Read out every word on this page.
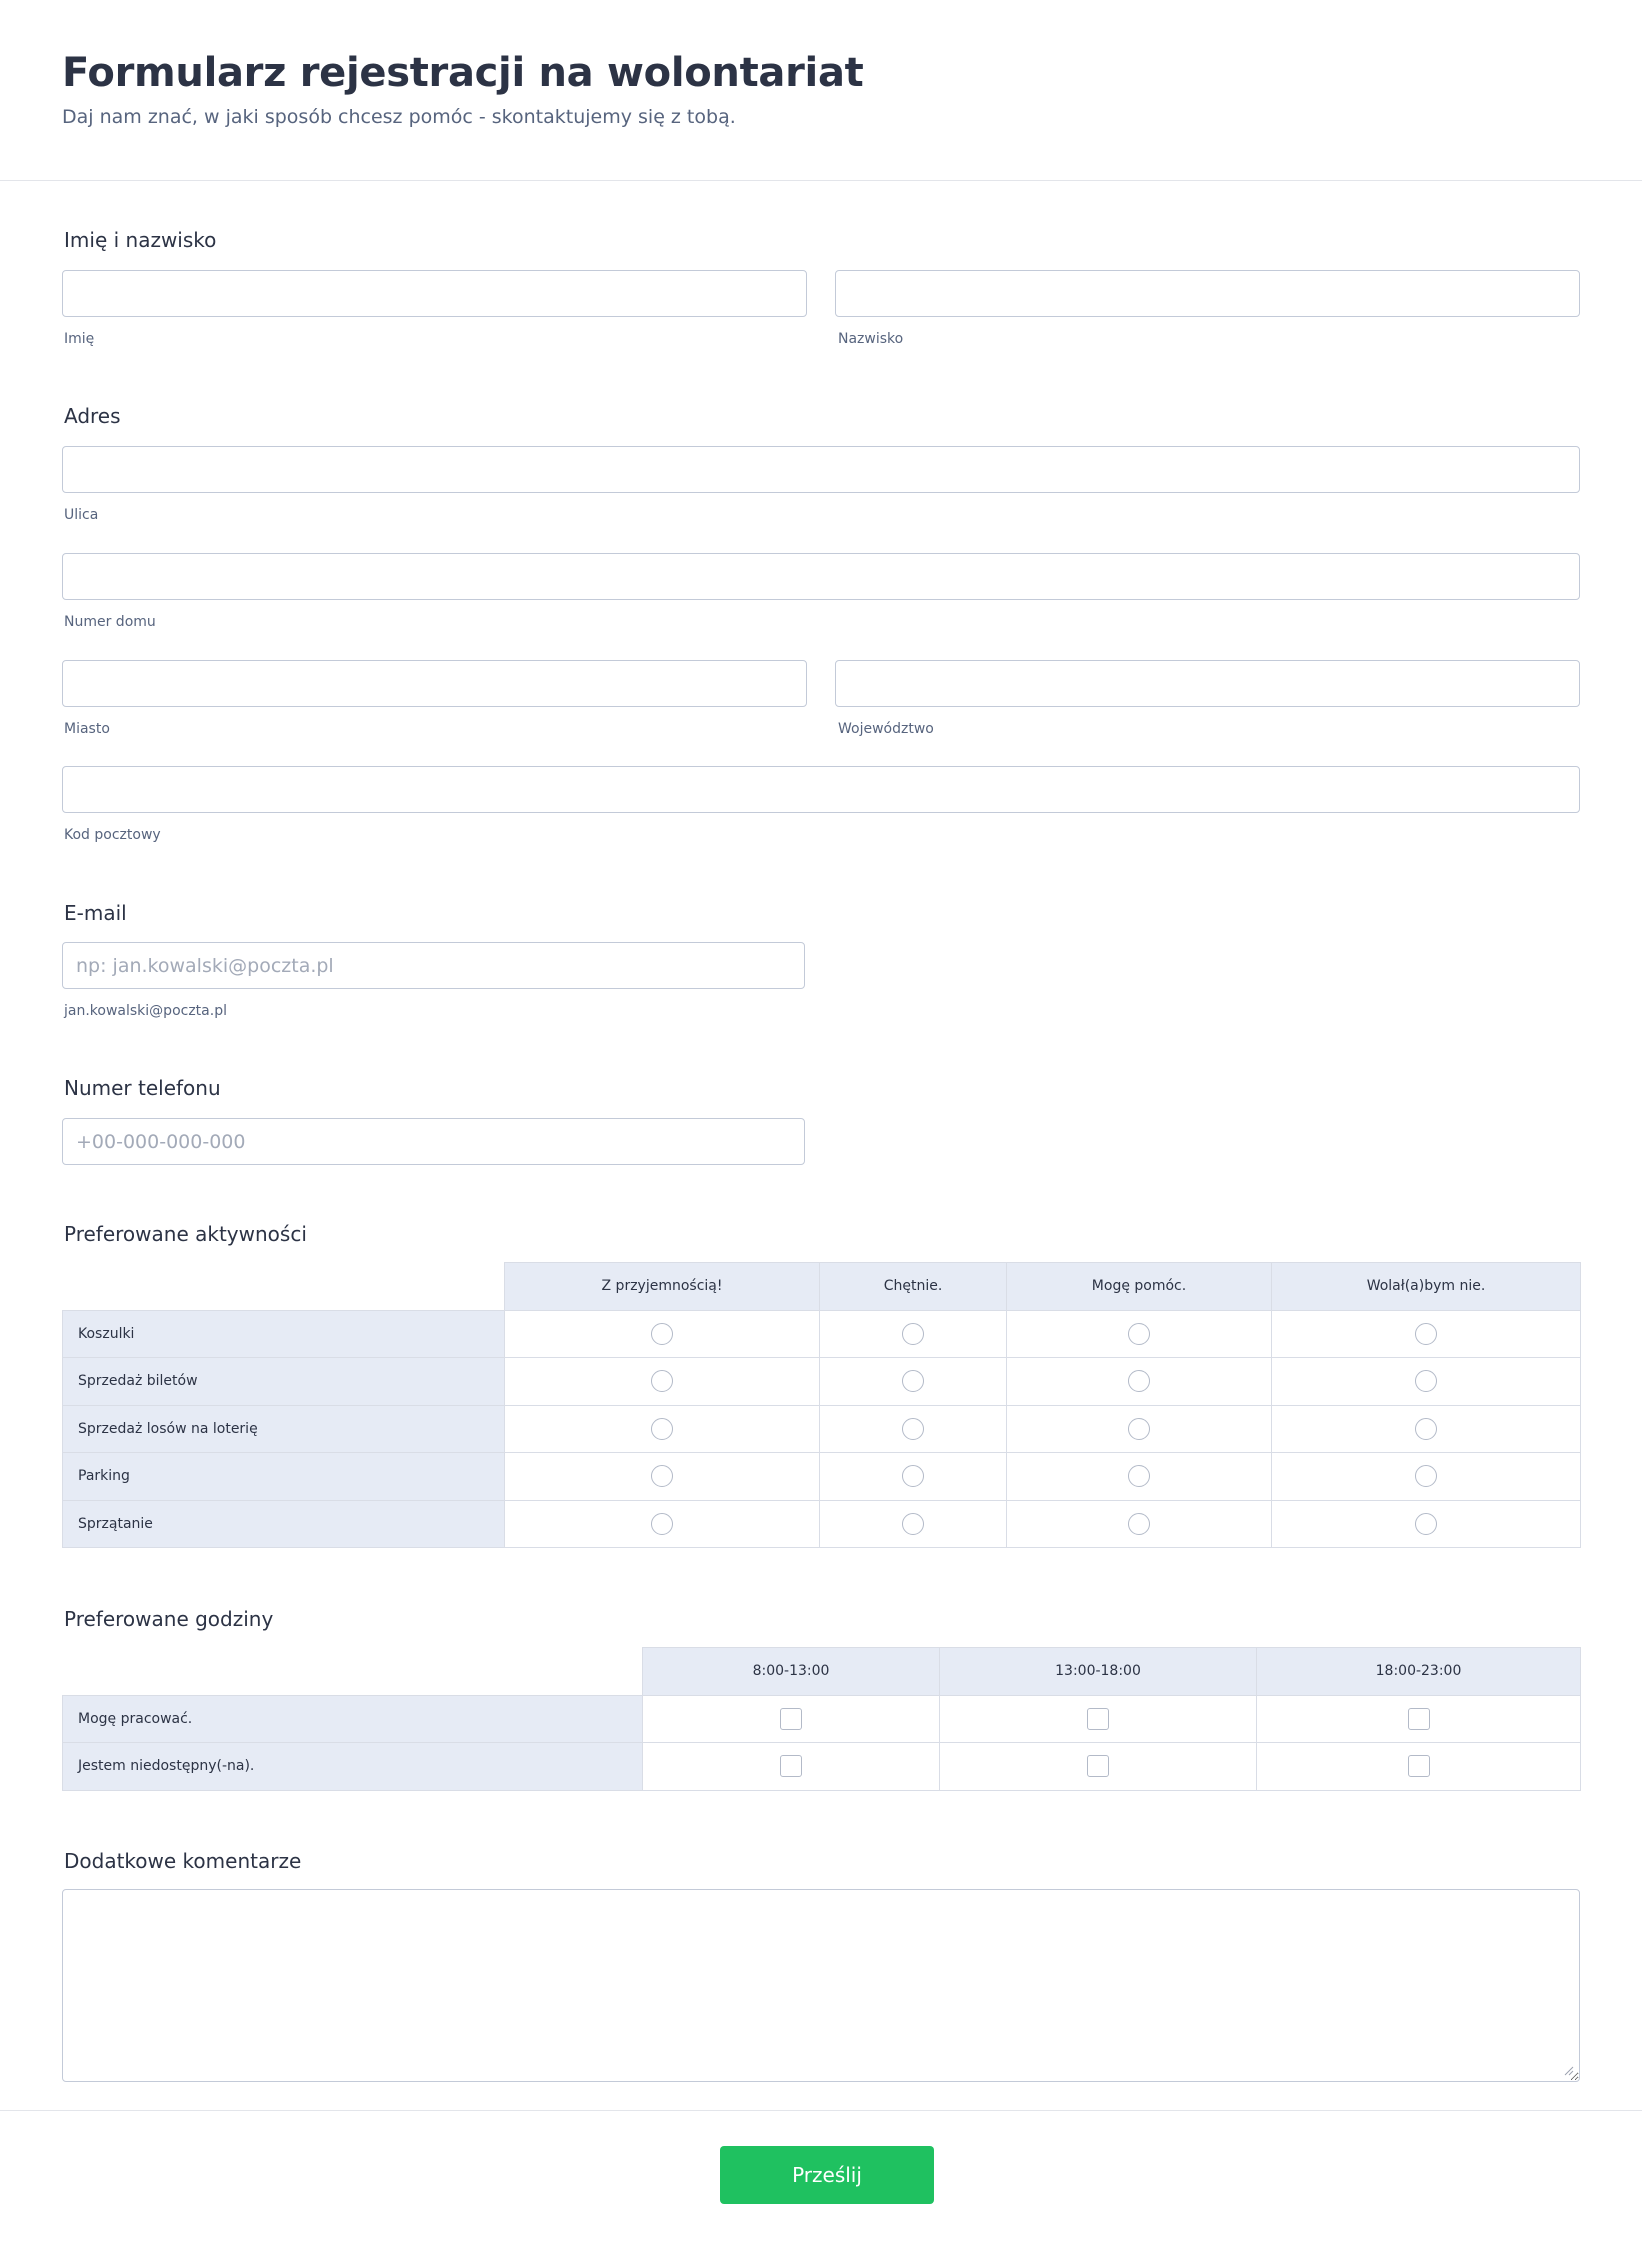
Formularz rejestracji na wolontariat

Daj nam znać, w jaki sposób chcesz pomóc - skontaktujemy się z tobą.

Imię i nazwisko
Imię	Nazwisko
Adres
Ulica
Numer domu
Miasto	Województwo
Kod pocztowy
E-mail
np: jan.kowalski@poczta.pl
jan.kowalski@poczta.pl
Numer telefonu
+00-000-000-000
Preferowane aktywności
	Z przyjemnością!	Chętnie.	Mogę pomóc.	Wolał(a)bym nie.
Koszulki				
Sprzedaż biletów				
Sprzedaż losów na loterię				
Parking				
Sprzątanie				
Preferowane godziny
	8:00-13:00	13:00-18:00	18:00-23:00
Mogę pracować.			
Jestem niedostępny(-na).			
Dodatkowe komentarze
Prześlij
